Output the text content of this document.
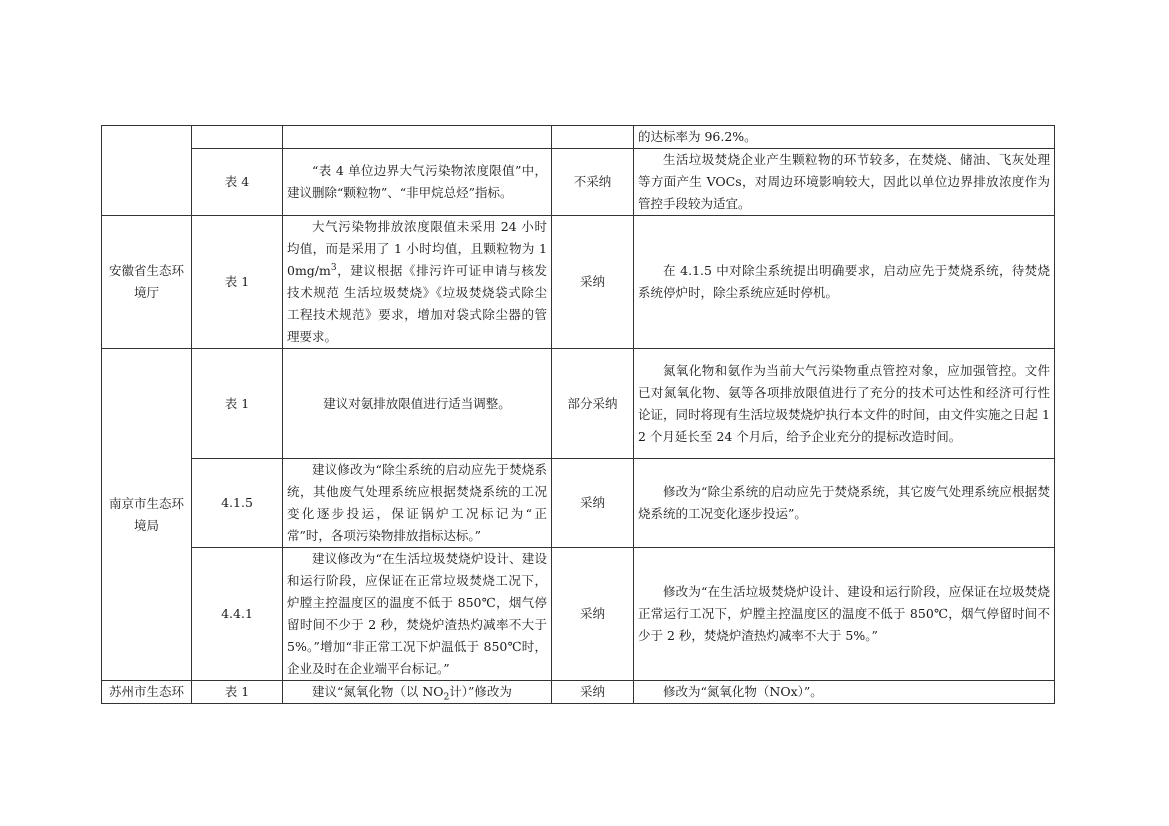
				的达标率为 96.2%。
	表 4	“表 4 单位边界大气污染物浓度限值”中，建议删除“颗粒物”、“非甲烷总烃”指标。	不采纳	生活垃圾焚烧企业产生颗粒物的环节较多，在焚烧、储油、飞灰处理等方面产生 VOCs，对周边环境影响较大，因此以单位边界排放浓度作为管控手段较为适宜。
安徽省生态环境厅	表 1	大气污染物排放浓度限值未采用 24 小时均值，而是采用了 1 小时均值，且颗粒物为 $10mg/m^3$，建议根据《排污许可证申请与核发技术规范 生活垃圾焚烧》《垃圾焚烧袋式除尘工程技术规范》要求，增加对袋式除尘器的管理要求。	采纳	在 4.1.5 中对除尘系统提出明确要求，启动应先于焚烧系统，待焚烧系统停炉时，除尘系统应延时停机。
南京市生态环境局	表 1	建议对氨排放限值进行适当调整。	部分采纳	氮氧化物和氨作为当前大气污染物重点管控对象，应加强管控。文件已对氮氧化物、氨等各项排放限值进行了充分的技术可达性和经济可行性论证，同时将现有生活垃圾焚烧炉执行本文件的时间，由文件实施之日起 12 个月延长至 24 个月后，给予企业充分的提标改造时间。
	4.1.5	建议修改为“除尘系统的启动应先于焚烧系统，其他废气处理系统应根据焚烧系统的工况变化逐步投运，保证锅炉工况标记为“正常”时，各项污染物排放指标达标。”	采纳	修改为“除尘系统的启动应先于焚烧系统，其它废气处理系统应根据焚烧系统的工况变化逐步投运”。
	4.4.1	建议修改为“在生活垃圾焚烧炉设计、建设和运行阶段，应保证在正常垃圾焚烧工况下，炉膛主控温度区的温度不低于 850℃，烟气停留时间不少于 2 秒，焚烧炉渣热灼减率不大于 5%。”增加“非正常工况下炉温低于 850℃时，企业及时在企业端平台标记。”	采纳	修改为“在生活垃圾焚烧炉设计、建设和运行阶段，应保证在垃圾焚烧正常运行工况下，炉膛主控温度区的温度不低于 850℃，烟气停留时间不少于 2 秒，焚烧炉渣热灼减率不大于 5%。”
苏州市生态环	表 1	建议“氮氧化物（以 $NO_2$计）”修改为	采纳	修改为“氮氧化物（NOx）”。
